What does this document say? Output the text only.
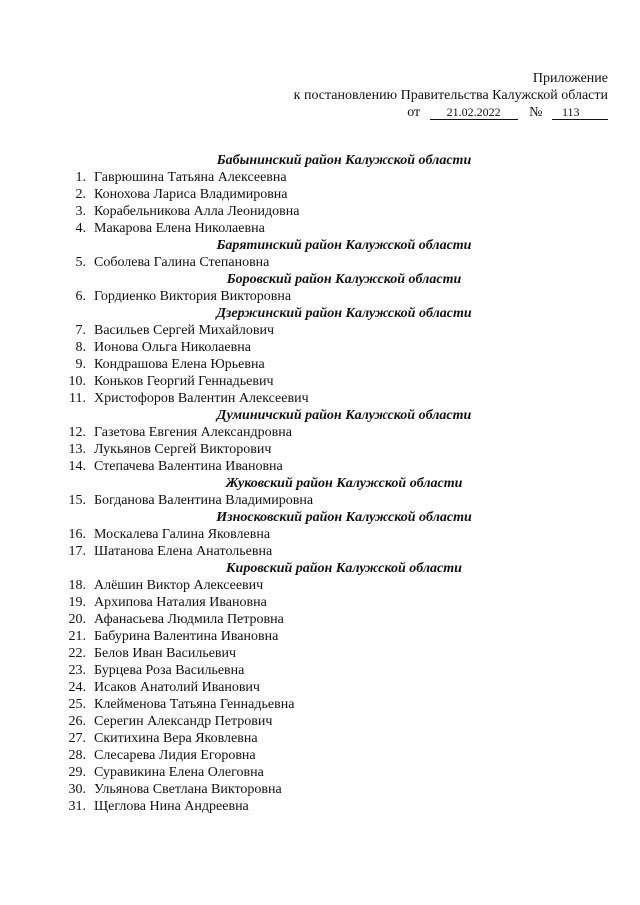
Приложение
к постановлению Правительства Калужской области
от 21.02.2022 № 113
Бабынинский район Калужской области
1. Гаврюшина Татьяна Алексеевна
2. Конохова Лариса Владимировна
3. Корабельникова Алла Леонидовна
4. Макарова Елена Николаевна
Барятинский район Калужской области
5. Соболева Галина Степановна
Боровский район Калужской области
6. Гордиенко Виктория Викторовна
Дзержинский район Калужской области
7. Васильев Сергей Михайлович
8. Ионова Ольга Николаевна
9. Кондрашова Елена Юрьевна
10. Коньков Георгий Геннадьевич
11. Христофоров Валентин Алексеевич
Думиничский район Калужской области
12. Газетова Евгения Александровна
13. Лукьянов Сергей Викторович
14. Степачева Валентина Ивановна
Жуковский район Калужской области
15. Богданова Валентина Владимировна
Износковский район Калужской области
16. Москалева Галина Яковлевна
17. Шатанова Елена Анатольевна
Кировский район Калужской области
18. Алёшин Виктор Алексеевич
19. Архипова Наталия Ивановна
20. Афанасьева Людмила Петровна
21. Бабурина Валентина Ивановна
22. Белов Иван Васильевич
23. Бурцева Роза Васильевна
24. Исаков Анатолий Иванович
25. Клейменова Татьяна Геннадьевна
26. Серегин Александр Петрович
27. Скитихина Вера Яковлевна
28. Слесарева Лидия Егоровна
29. Суравикина Елена Олеговна
30. Ульянова Светлана Викторовна
31. Щеглова Нина Андреевна
